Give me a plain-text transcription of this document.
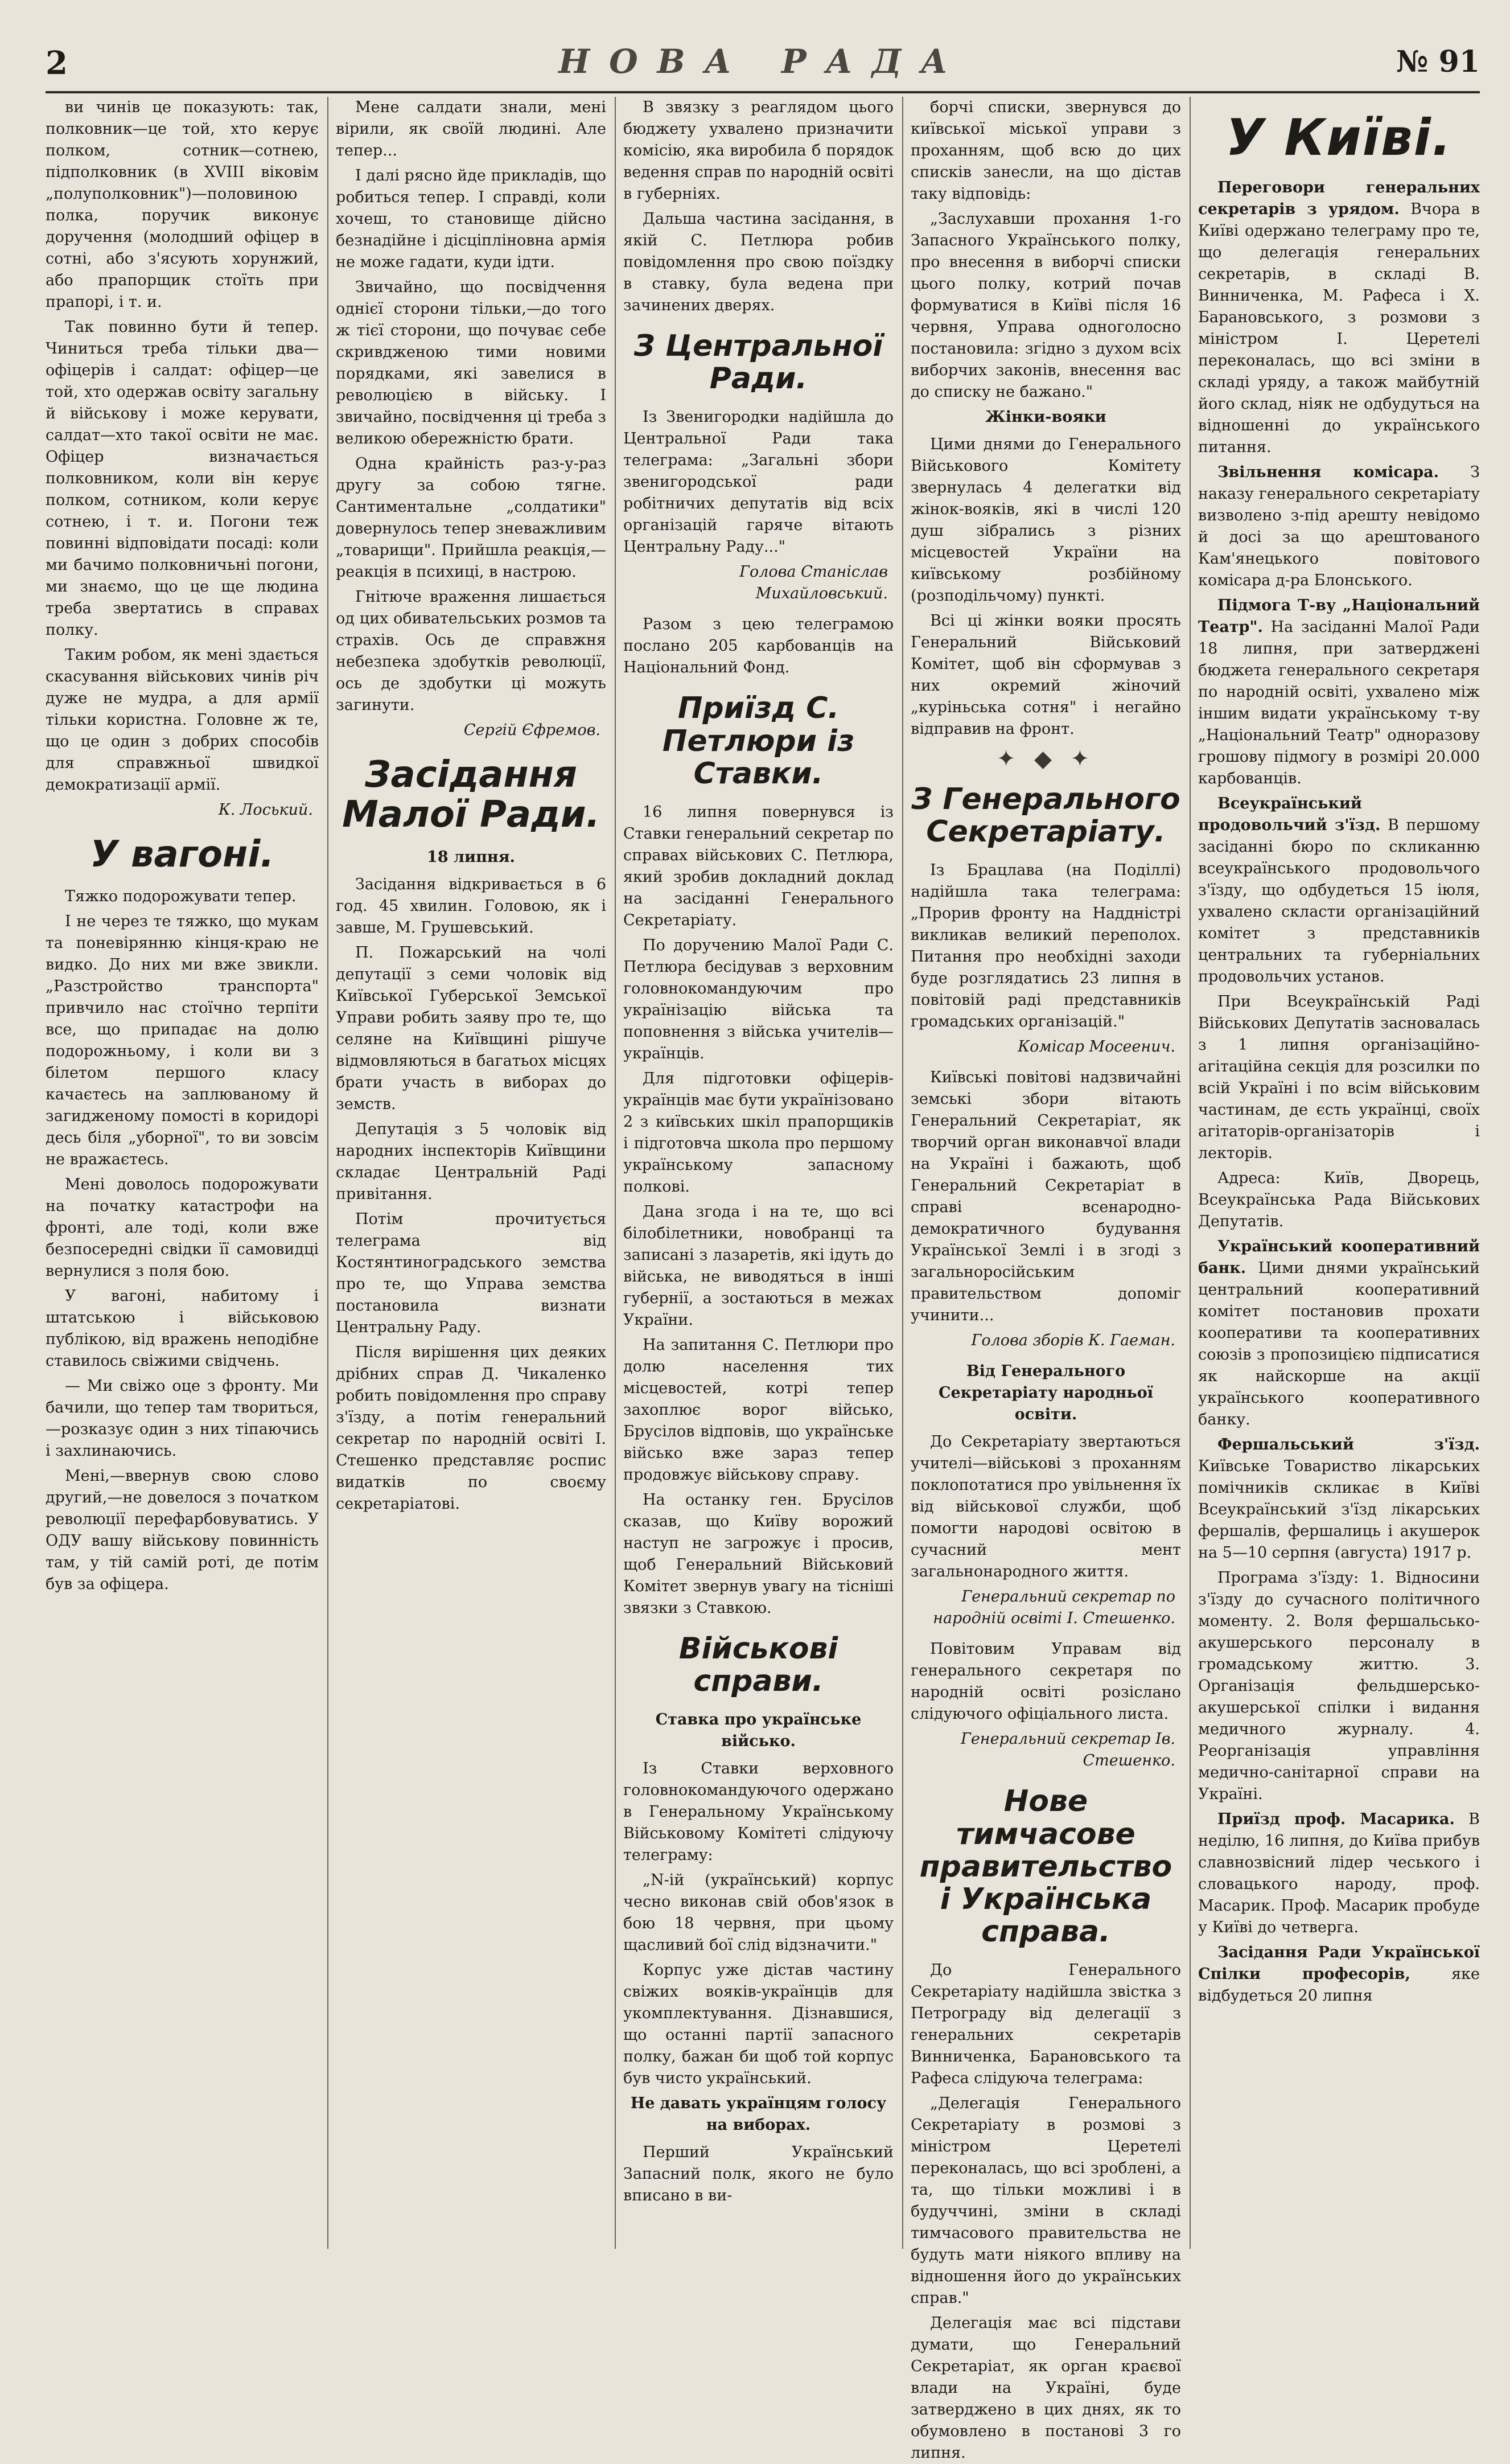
2	НОВА РАДА	№ 91

ви чинів це показують: так, полковник—це той, хто керує полком, сотник—сотнею, підполковник (в XVIII віковім „полуполковник")—половиною полка, поручик виконує доручення (молодший офіцер в сотні, або з'ясують хорунжий, або прапорщик стоїть при прапорі, і т. и.

Так повинно бути й тепер. Чиниться треба тільки два—офіцерів і салдат: офіцер—це той, хто одержав освіту загальну й військову і може керувати, салдат—хто такої освіти не має. Офіцер визначається полковником, коли він керує полком, сотником, коли керує сотнею, і т. и. Погони теж повинні відповідати посаді: коли ми бачимо полковничьні погони, ми знаємо, що це ще людина треба звертатись в справах полку.

Таким робом, як мені здається скасування військових чинів річ дуже не мудра, а для армії тільки користна. Головне ж те, що це один з добрих способів для справжньої швидкої демократизації армії.

К. Лоський.
У вагоні.

Тяжко подорожувати тепер.

І не через те тяжко, що мукам та поневірянню кінця-краю не видко. До них ми вже звикли. „Разстройство транспорта" привчило нас стоїчно терпіти все, що припадає на долю подорожньому, і коли ви з білетом першого класу качаєтесь на заплюваному й загидженому помості в коридорі десь біля „уборної", то ви зовсім не вражаєтесь.

Мені доволось подорожувати на початку катастрофи на фронті, але тоді, коли вже безпосередні свідки її самовидці вернулися з поля бою.

У вагоні, набитому і штатською і військовою публікою, від вражень неподібне ставилось свіжими свідчень.

— Ми свіжо оце з фронту. Ми бачили, що тепер там твориться,—розказує один з них тіпаючись і захлинаючись.

Мені,—ввернув свою слово другий,—не довелося з початком революції перефарбовуватись. У ОДУ вашу військову повинність там, у тій самій роті, де потім був за офіцера.

Мене салдати знали, мені вірили, як своїй людині. Але тепер...

І далі рясно йде прикладів, що робиться тепер. І справді, коли хочеш, то становище дійсно безнадійне і дісціпліновна армія не може гадати, куди ідти.

Звичайно, що посвідчення однієї сторони тільки,—до того ж тієї сторони, що почуває себе скривдженою тими новими порядками, які завелися в революцією в війську. І звичайно, посвідчення ці треба з великою обережністю брати.

Одна крайність раз-у-раз другу за собою тягне. Сантиментальне „солдатики" довернулось тепер зневажливим „товарищи". Прийшла реакція,—реакція в психиці, в настрою.

Гнітюче враження лишається од цих обивательських розмов та страхів. Ось де справжня небезпека здобутків революції, ось де здобутки ці можуть загинути.

Сергій Єфремов.
Засідання Малої Ради.
18 липня.

Засідання відкривається в 6 год. 45 хвилин. Головою, як і завше, М. Грушевський.

П. Пожарський на чолі депутації з семи чоловік від Київської Губерської Земської Управи робить заяву про те, що селяне на Київщині рішуче відмовляються в багатьох місцях брати участь в виборах до земств.

Депутація з 5 чоловік від народних інспекторів Київщини складає Центральній Раді привітання.

Потім прочитується телеграма від Костянтиноградського земства про те, що Управа земства постановила визнати Центральну Раду.

Після вирішення цих деяких дрібних справ Д. Чикаленко робить повідомлення про справу з'їзду, а потім генеральний секретар по народній освіті І. Стешенко представляє роспис видатків по своєму секретаріатові.

В звязку з реаглядом цього бюджету ухвалено призначити комісію, яка виробила б порядок ведення справ по народній освіті в губерніях.

Дальша частина засідання, в якій С. Петлюра робив повідомлення про свою поїздку в ставку, була ведена при зачинених дверях.

З Центральної Ради.

Із Звенигородки надійшла до Центральної Ради така телеграма: „Загальні збори звенигородської ради робітничих депутатів від всіх організацій гаряче вітають Центральну Раду..."

Голова Станіслав Михайловський.

Разом з цею телеграмою послано 205 карбованців на Національний Фонд.

Приїзд С. Петлюри із Ставки.

16 липня повернувся із Ставки генеральний секретар по справах військових С. Петлюра, який зробив докладний доклад на засіданні Генерального Секретаріату.

По доручению Малої Ради С. Петлюра бесідував з верховним головнокомандуючим про українізацію війська та поповнення з війська учителів—українців.

Для підготовки офіцерів-українців має бути українізовано 2 з київських шкіл прапорщиків і підготовча школа про першому українському запасному полкові.

Дана згода і на те, що всі білобілетники, новобранці та записані з лазаретів, які ідуть до війська, не виводяться в інші губернії, а зостаються в межах України.

На запитання С. Петлюри про долю населення тих місцевостей, котрі тепер захоплює ворог військо, Брусілов відповів, що українське військо вже зараз тепер продовжує військову справу.

На останку ген. Брусілов сказав, що Київу ворожий наступ не загрожує і просив, щоб Генеральний Військовий Комітет звернув увагу на тісніші звязки з Ставкою.

Військові справи.
Ставка про українське військо.

Із Ставки верховного головнокомандуючого одержано в Генеральному Українському Військовому Комітеті слідуючу телеграму:

„N-ій (український) корпус чесно виконав свій обов'язок в бою 18 червня, при цьому щасливий бої слід відзначити."

Корпус уже дістав частину свіжих вояків-українців для укомплектування. Дізнавшися, що останні партії запасного полку, бажан би щоб той корпус був чисто український.

Не давать українцям голосу на виборах.

Перший Український Запасний полк, якого не було вписано в ви-

борчі списки, звернувся до київської міської управи з проханням, щоб всю до цих списків занесли, на що дістав таку відповідь:

„Заслухавши прохання 1-го Запасного Українського полку, про внесення в виборчі списки цього полку, котрий почав формуватися в Київі після 16 червня, Управа одноголосно постановила: згідно з духом всіх виборчих законів, внесення вас до списку не бажано."

Жінки-вояки

Цими днями до Генерального Військового Комітету звернулась 4 делегатки від жінок-вояків, які в числі 120 душ зібрались з різних місцевостей України на київському розбійному (розподільчому) пункті.

Всі ці жінки вояки просять Генеральний Військовий Комітет, щоб він сформував з них окремий жіночий „куріньська сотня" і негайно відправив на фронт.

✦ ◆ ✦
З Генерального Секретаріату.

Із Брацлава (на Поділлі) надійшла така телеграма: „Прорив фронту на Наддністрі викликав великий переполох. Питання про необхідні заходи буде розглядатись 23 липня в повітовій раді представників громадських організацій."

Комісар Мосеенич.

Київські повітові надзвичайні земські збори вітають Генеральний Секретаріат, як творчий орган виконавчої влади на Україні і бажають, щоб Генеральний Секретаріат в справі всенародно-демократичного будування Української Землі і в згоді з загальноросійським правительством допоміг учинити...

Голова зборів К. Гаеман.
Від Генерального Секретаріату народньої освіти.

До Секретаріату звертаються учителі—військові з проханням поклопотатися про увільнення їх від військової служби, щоб помогти народові освітою в сучасний мент загальнонародного життя.

Генеральний секретар по народній освіті І. Стешенко.

Повітовим Управам від генерального секретаря по народній освіті розіслано слідуючого офіціального листа.

Генеральний секретар Ів. Стешенко.
Нове тимчасове правительство і Українська справа.

До Генерального Секретаріату надійшла звістка з Петрограду від делегації з генеральних секретарів Винниченка, Барановського та Рафеса слідуюча телеграма:

„Делегація Генерального Секретаріату в розмові з міністром Церетелі переконалась, що всі зроблені, а та, що тільки можливі і в будуччині, зміни в складі тимчасового правительства не будуть мати ніякого впливу на відношення його до українських справ."

Делегація має всі підстави думати, що Генеральний Секретаріат, як орган краєвої влади на Україні, буде затверджено в цих днях, як то обумовлено в постанові 3 го липня.

У Київі.

Переговори генеральних секретарів з урядом. Вчора в Київі одержано телеграму про те, що делегація генеральних секретарів, в складі В. Винниченка, М. Рафеса і Х. Барановського, з розмови з міністром І. Церетелі переконалась, що всі зміни в складі уряду, а також майбутній його склад, ніяк не одбудуться на відношенні до українського питання.

Звільнення комісара. З наказу генерального секретаріату визволено з-під арешту невідомо й досі за що арештованого Кам'янецького повітового комісара д-ра Блонського.

Підмога Т-ву „Національний Театр". На засіданні Малої Ради 18 липня, при затверджені бюджета генерального секретаря по народній освіті, ухвалено між іншим видати українському т-ву „Національний Театр" одноразову грошову підмогу в розмірі 20.000 карбованців.

Всеукраїнський продовольчий з'їзд. В першому засіданні бюро по скликанню всеукраїнського продовольчого з'їзду, що одбудеться 15 іюля, ухвалено скласти організаційний комітет з представників центральних та губерніальних продовольчих установ.

При Всеукраїнській Раді Військових Депутатів засновалась з 1 липня організаційно-агітаційна секція для розсилки по всій Україні і по всім військовим частинам, де єсть українці, своїх агітаторів-організаторів і лекторів.

Адреса: Київ, Дворець, Всеукраїнська Рада Військових Депутатів.

Український кооперативний банк. Цими днями український центральний кооперативний комітет постановив прохати кооперативи та кооперативних союзів з пропозицією підписатися як найскорше на акції українського кооперативного банку.

Фершальський з'їзд. Київське Товариство лікарських помічників скликає в Київі Всеукраїнський з'їзд лікарських фершалів, фершалиць і акушерок на 5—10 серпня (августа) 1917 р.

Програма з'їзду: 1. Відносини з'їзду до сучасного політичного моменту. 2. Воля фершальсько-акушерського персоналу в громадському життю. 3. Організація фельдшерсько-акушерської спілки і видання медичного журналу. 4. Реорганізація управління медично-санітарної справи на Україні.

Приїзд проф. Масарика. В неділю, 16 липня, до Київа прибув славнозвісний лідер чеського і словацького народу, проф. Масарик. Проф. Масарик пробуде у Київі до четверга.

Засідання Ради Української Спілки професорів,	яке відбудеться 20 липня
